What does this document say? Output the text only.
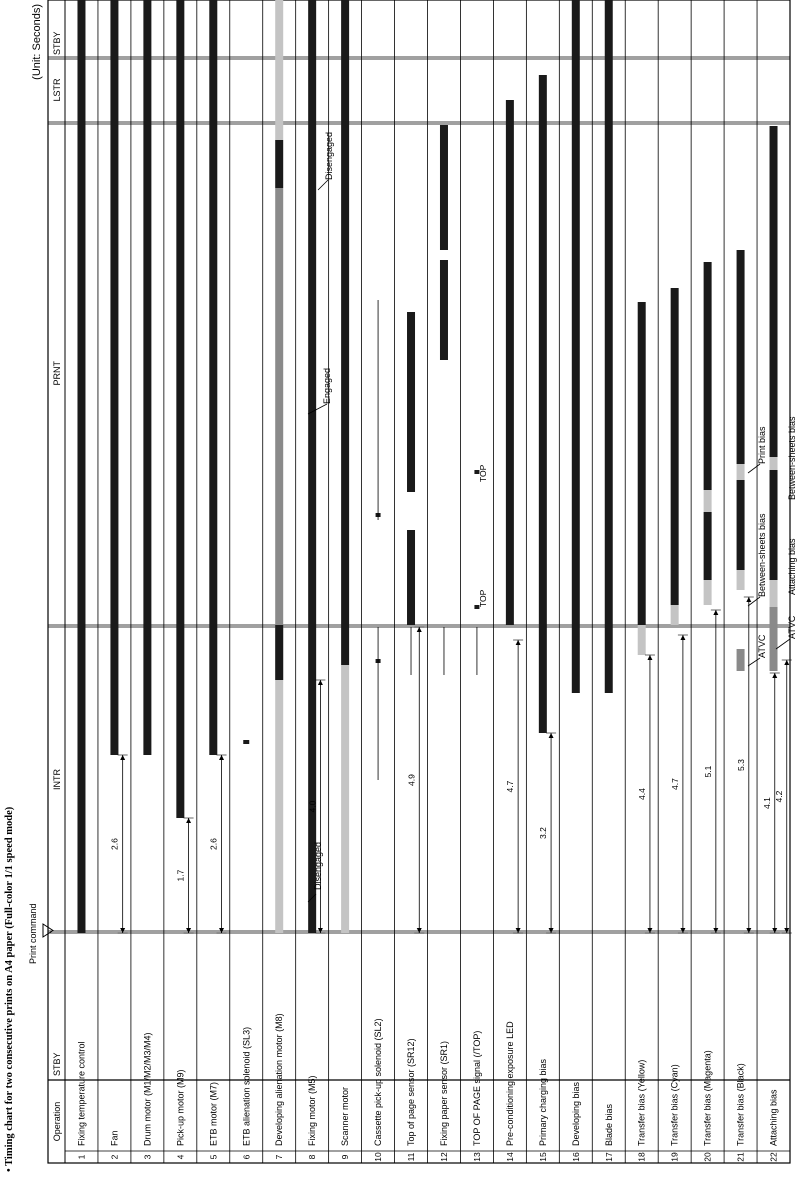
• Timing chart for two consecutive prints on A4 paper (Full-color 1/1 speed mode)
(Unit: Seconds)
Print command
Operation
STBY
INTR
PRNT
LSTR
STBY
1
Fixing temperature control
2
Fan
3
Drum motor (M1/M2/M3/M4)
4
Pick-up motor (M9)
5
ETB motor (M7)
6
ETB alienation solenoid (SL3)
7
Developing alienation motor (M8)
8
Fixing motor (M5)
9
Scanner motor
10
Cassette pick-up solenoid (SL2)
11
Top of page sensor (SR12)
12
Fixing paper sensor (SR1)
13
TOP OF PAGE signal (/TOP)
14
Pre-conditioning exposure LED
15
Primary charging bias
16
Developing bias
17
Blade bias
18
Transfer bias (Yellow)
19
Transfer bias (Cyan)
20
Transfer bias (Magenta)
21
Transfer bias (Black)
22
Attaching bias
2.6
1.7
2.6
4.0
4.9
4.7
3.2
4.4
4.7
5.1
5.3
4.1
4.2
Disengaged
Engaged
Disengaged
TOP
TOP
ATVC
ATVC
Between-sheets bias
Print bias
Attaching bias
Between-sheets bias
